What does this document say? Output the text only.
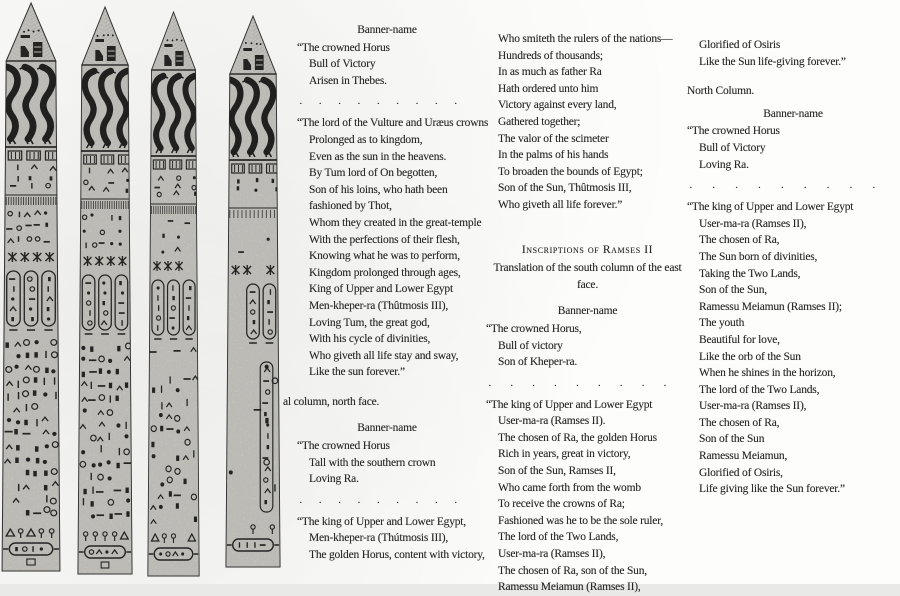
Banner-name
“The crowned Horus
Bull of Victory
Arisen in Thebes.
· · · · · · · · ·
“The lord of the Vulture and Uræus crowns
Prolonged as to kingdom,
Even as the sun in the heavens.
By Tum lord of On begotten,
Son of his loins, who hath been
fashioned by Thot,
Whom they created in the great-temple
With the perfections of their flesh,
Knowing what he was to perform,
Kingdom prolonged through ages,
King of Upper and Lower Egypt
Men-kheper-ra (Thûtmosis III),
Loving Tum, the great god,
With his cycle of divinities,
Who giveth all life stay and sway,
Like the sun forever.”
al column, north face.
Banner-name
“The crowned Horus
Tall with the southern crown
Loving Ra.
· · · · · · · · ·
“The king of Upper and Lower Egypt,
Men-kheper-ra (Thútmosis III),
The golden Horus, content with victory,
Who smiteth the rulers of the nations—
Hundreds of thousands;
In as much as father Ra
Hath ordered unto him
Victory against every land,
Gathered together;
The valor of the scimeter
In the palms of his hands
To broaden the bounds of Egypt;
Son of the Sun, Thûtmosis III,
Who giveth all life forever.”
Inscriptions of Ramses II
Translation of the south column of the east face.
Banner-name
“The crowned Horus,
Bull of victory
Son of Kheper-ra.
· · · · · · · · ·
“The king of Upper and Lower Egypt
User-ma-ra (Ramses II).
The chosen of Ra, the golden Horus
Rich in years, great in victory,
Son of the Sun, Ramses II,
Who came forth from the womb
To receive the crowns of Ra;
Fashioned was he to be the sole ruler,
The lord of the Two Lands,
User-ma-ra (Ramses II),
The chosen of Ra, son of the Sun,
Ramessu Meiamun (Ramses II),
Glorified of Osiris
Like the Sun life-giving forever.”
North Column.
Banner-name
“The crowned Horus
Bull of Victory
Loving Ra.
· · · · · · · · ·
“The king of Upper and Lower Egypt
User-ma-ra (Ramses II),
The chosen of Ra,
The Sun born of divinities,
Taking the Two Lands,
Son of the Sun,
Ramessu Meiamun (Ramses II);
The youth
Beautiful for love,
Like the orb of the Sun
When he shines in the horizon,
The lord of the Two Lands,
User-ma-ra (Ramses II),
The chosen of Ra,
Son of the Sun
Ramessu Meiamun,
Glorified of Osiris,
Life giving like the Sun forever.”
